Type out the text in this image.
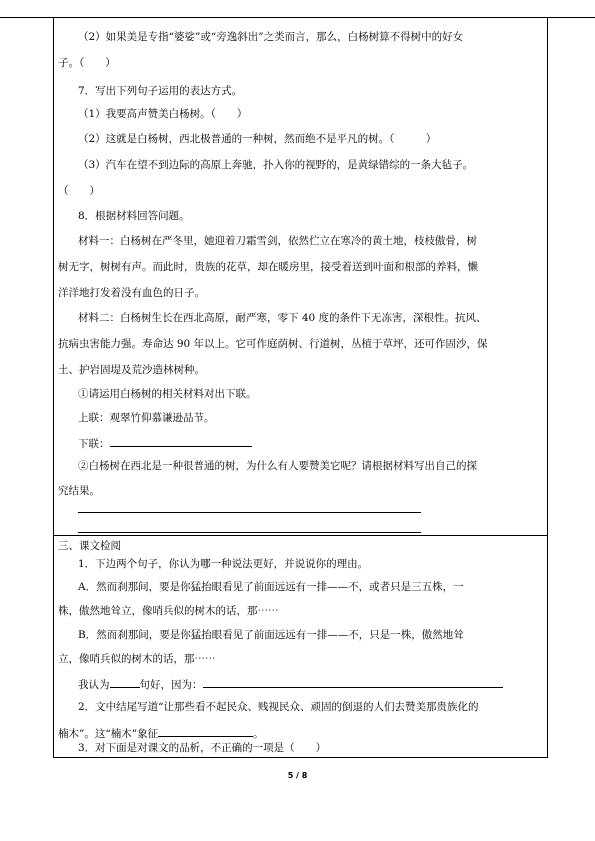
（2）如果美是专指“婆娑”或“旁逸斜出”之类而言，那么，白杨树算不得树中的好女
子。（　　）
7．写出下列句子运用的表达方式。
（1）我要高声赞美白杨树。（　　）
（2）这就是白杨树，西北极普通的一种树，然而绝不是平凡的树。（　　　）
（3）汽车在望不到边际的高原上奔驰，扑入你的视野的，是黄绿错综的一条大毡子。
（　　）
8．根据材料回答问题。
材料一：白杨树在严冬里，她迎着刀霜雪剑，依然伫立在寒冷的黄土地，枝枝傲骨，树
树无字，树树有声。而此时，贵族的花草，却在暖房里，接受着送到叶面和根部的养料，懒
洋洋地打发着没有血色的日子。
材料二：白杨树生长在西北高原，耐严寒，零下 40 度的条件下无冻害，深根性。抗风、
抗病虫害能力强。寿命达 90 年以上。它可作庭荫树、行道树，丛植于草坪，还可作固沙，保
土、护岩固堤及荒沙造林树种。
①请运用白杨树的相关材料对出下联。
上联：观翠竹仰慕谦逊品节。
下联：
②白杨树在西北是一种很普通的树，为什么有人要赞美它呢？请根据材料写出自己的探
究结果。
三、课文检阅
1．下边两个句子，你认为哪一种说法更好，并说说你的理由。
A．然而刹那间，要是你猛抬眼看见了前面远远有一排——不，或者只是三五株，一
株，傲然地耸立，像哨兵似的树木的话，那⋯⋯
B．然而刹那间，要是你猛抬眼看见了前面远远有一排——不，只是一株，傲然地耸
立，像哨兵似的树木的话，那⋯⋯
我认为	句好，因为：
2．文中结尾写道“让那些看不起民众、贱视民众、顽固的倒退的人们去赞美那贵族化的
楠木”。这“楠木”象征	。
5 / 8
3．对下面是对课文的品析，不正确的一项是（　　）
